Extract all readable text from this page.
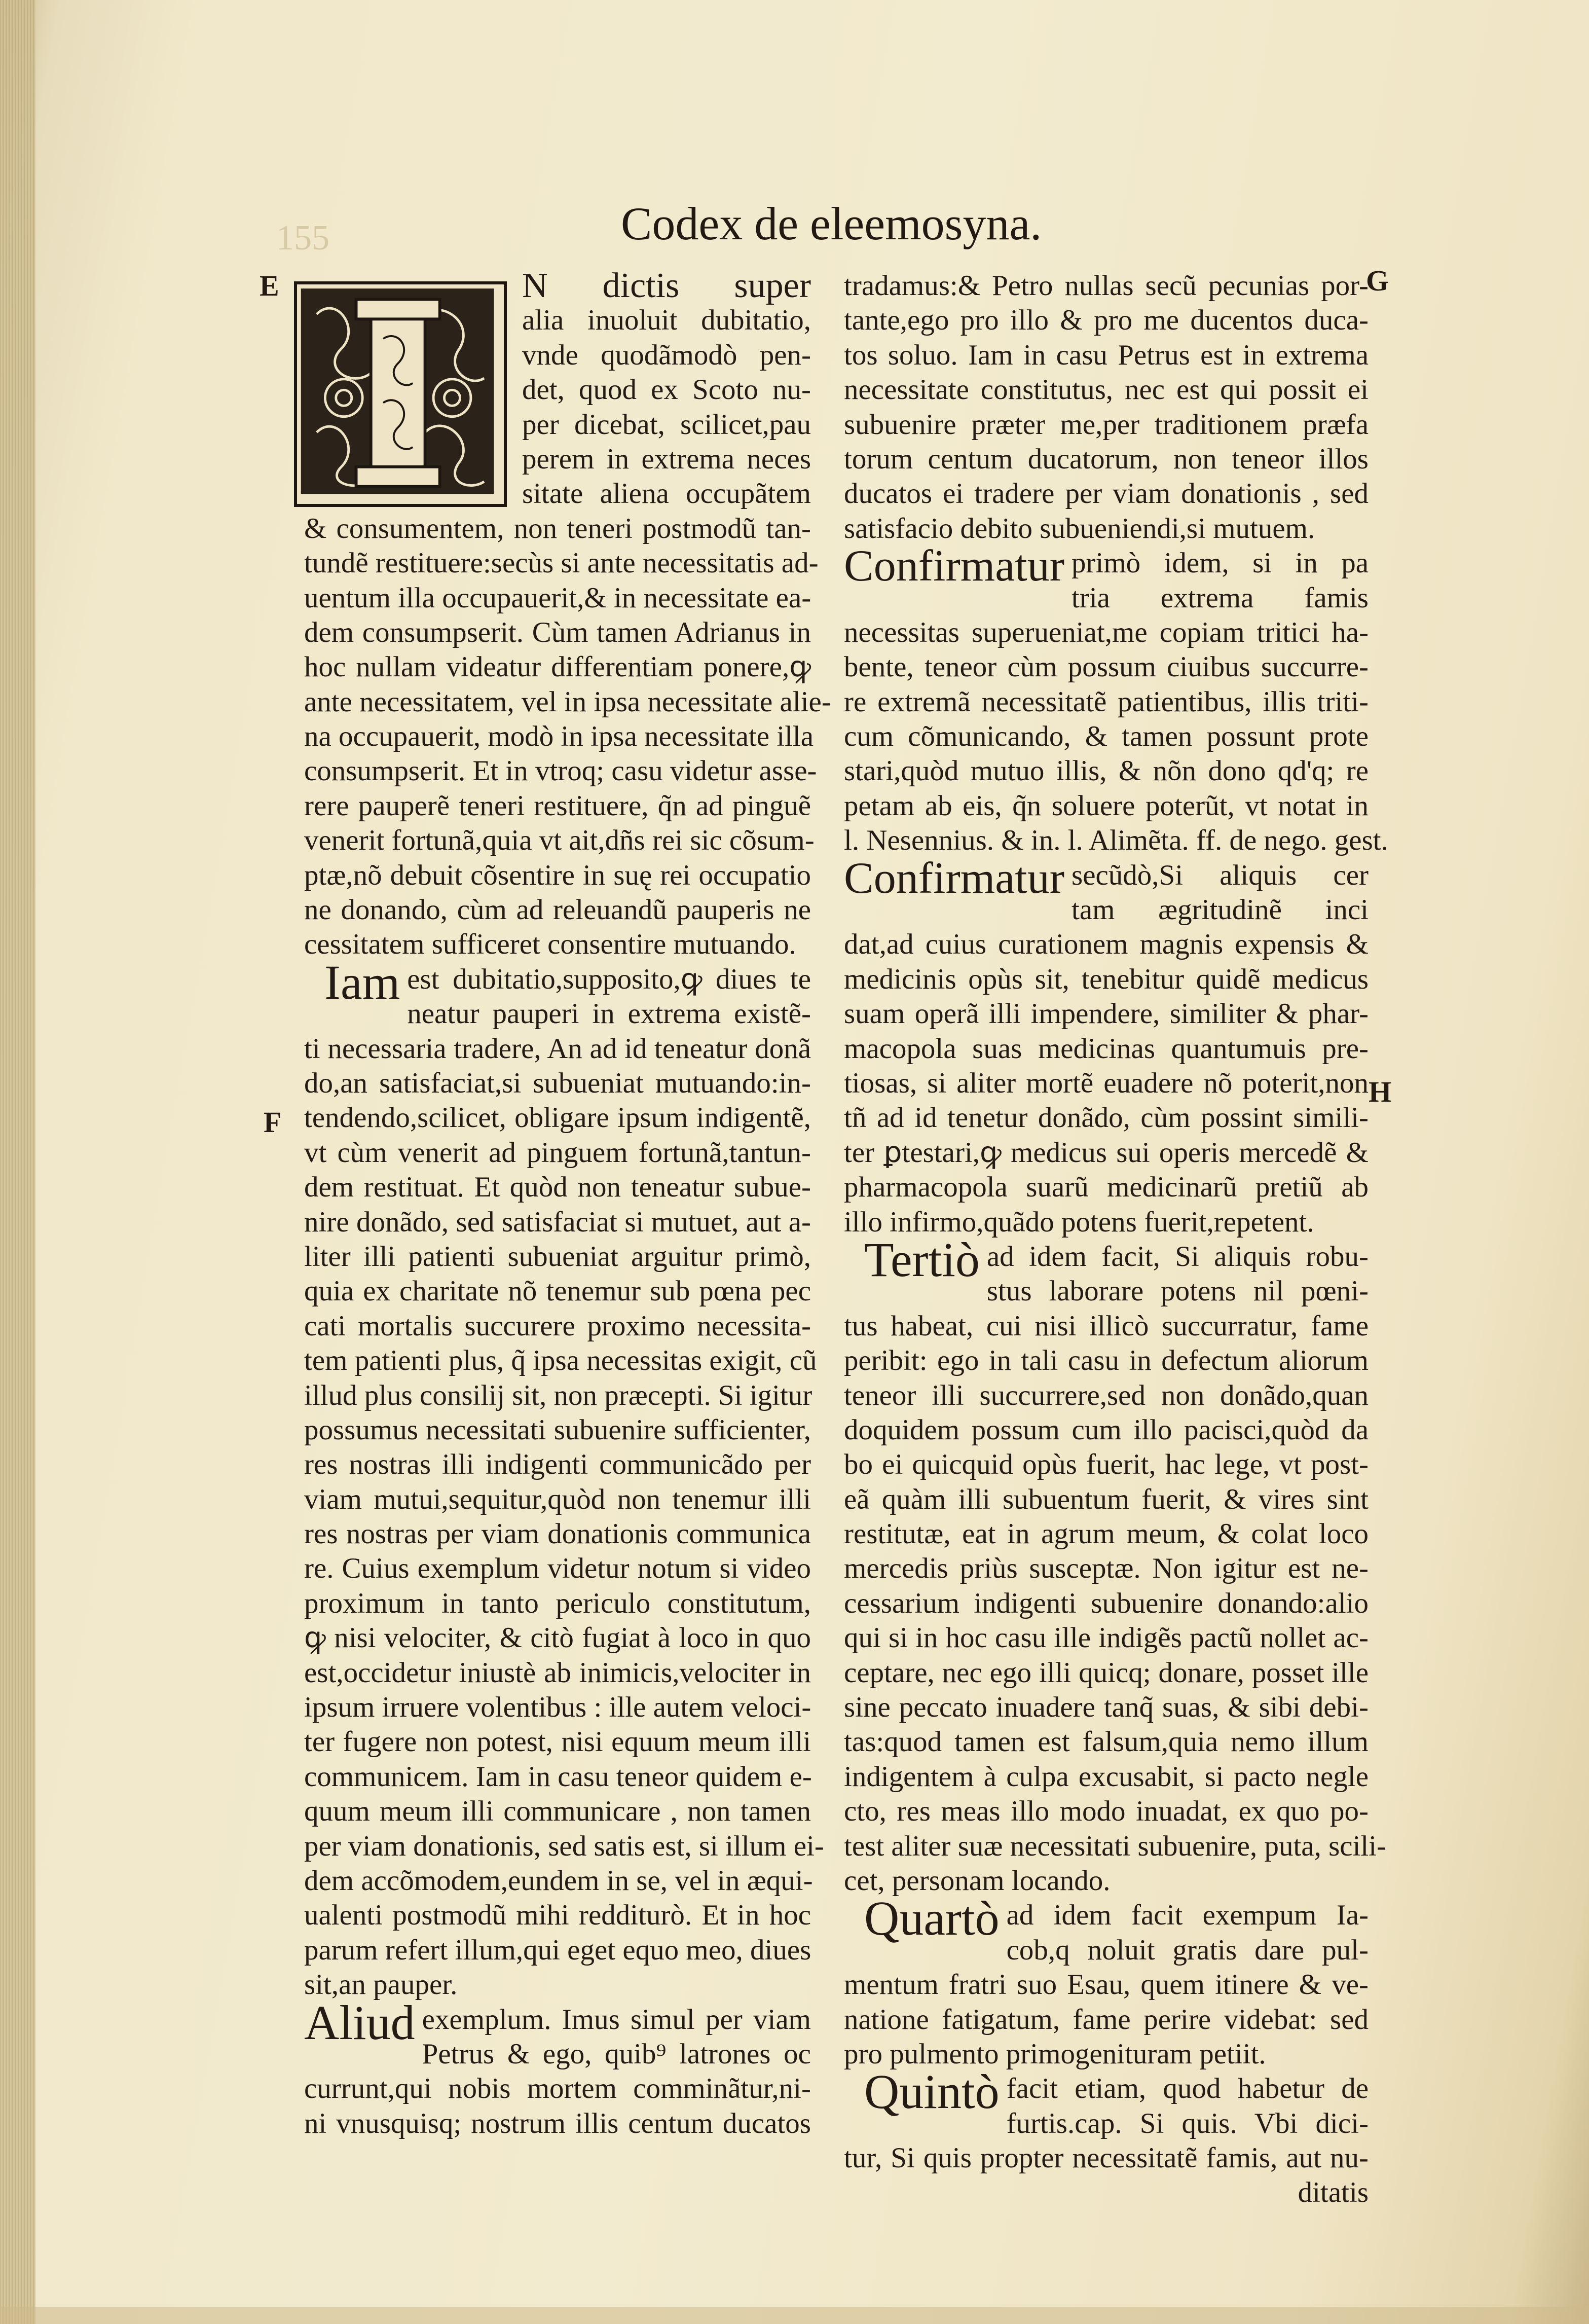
155	Codex de eleemosyna.
E
F
G
H
N dictis super
alia inuoluit dubitatio,
vnde quodãmodò pen-
det, quod ex Scoto nu-
per dicebat, scilicet,pau
perem in extrema neces
sitate aliena occupãtem
& consumentem, non teneri postmodũ tan-
tundẽ restituere:secùs si ante necessitatis ad-
uentum illa occupauerit,& in necessitate ea-
dem consumpserit. Cùm tamen Adrianus in
hoc nullam videatur differentiam ponere,ꝙ
ante necessitatem, vel in ipsa necessitate alie-
na occupauerit, modò in ipsa necessitate illa
consumpserit. Et in vtroq; casu videtur asse-
rere pauperẽ teneri restituere, q̃n ad pinguẽ
venerit fortunã,quia vt ait,dñs rei sic cõsum-
ptæ,nõ debuit cõsentire in suę rei occupatio
ne donando, cùm ad releuandũ pauperis ne
cessitatem sufficeret consentire mutuando.
Iam est dubitatio,supposito,ꝙ diues te
neatur pauperi in extrema existẽ-
ti necessaria tradere, An ad id teneatur donã
do,an satisfaciat,si subueniat mutuando:in-
tendendo,scilicet, obligare ipsum indigentẽ,
vt cùm venerit ad pinguem fortunã,tantun-
dem restituat. Et quòd non teneatur subue-
nire donãdo, sed satisfaciat si mutuet, aut a-
liter illi patienti subueniat arguitur primò,
quia ex charitate nõ tenemur sub pœna pec
cati mortalis succurere proximo necessita-
tem patienti plus, q̃ ipsa necessitas exigit, cũ
illud plus consilij sit, non præcepti. Si igitur
possumus necessitati subuenire sufficienter,
res nostras illi indigenti communicãdo per
viam mutui,sequitur,quòd non tenemur illi
res nostras per viam donationis communica
re. Cuius exemplum videtur notum si video
proximum in tanto periculo constitutum,
ꝙ nisi velociter, & citò fugiat à loco in quo
est,occidetur iniustè ab inimicis,velociter in
ipsum irruere volentibus : ille autem veloci-
ter fugere non potest, nisi equum meum illi
communicem. Iam in casu teneor quidem e-
quum meum illi communicare , non tamen
per viam donationis, sed satis est, si illum ei-
dem accõmodem,eundem in se, vel in æqui-
ualenti postmodũ mihi redditurò. Et in hoc
parum refert illum,qui eget equo meo, diues
sit,an pauper.
Aliud exemplum. Imus simul per viam
Petrus & ego, quib⁹ latrones oc
currunt,qui nobis mortem comminãtur,ni-
ni vnusquisq; nostrum illis centum ducatos
tradamus:& Petro nullas secũ pecunias por-
tante,ego pro illo & pro me ducentos duca-
tos soluo. Iam in casu Petrus est in extrema
necessitate constitutus, nec est qui possit ei
subuenire præter me,per traditionem præfa
torum centum ducatorum, non teneor illos
ducatos ei tradere per viam donationis , sed
satisfacio debito subueniendi,si mutuem.
Confirmatur primò idem, si in pa
tria extrema famis
necessitas superueniat,me copiam tritici ha-
bente, teneor cùm possum ciuibus succurre-
re extremã necessitatẽ patientibus, illis triti-
cum cõmunicando, & tamen possunt prote
stari,quòd mutuo illis, & nõn dono qd'q; re
petam ab eis, q̃n soluere poterũt, vt notat in
l. Nesennius. & in. l. Alimẽta. ff. de nego. gest.
Confirmatur secũdò,Si aliquis cer
tam ægritudinẽ inci
dat,ad cuius curationem magnis expensis &
medicinis opùs sit, tenebitur quidẽ medicus
suam operã illi impendere, similiter & phar-
macopola suas medicinas quantumuis pre-
tiosas, si aliter mortẽ euadere nõ poterit,non
tñ ad id tenetur donãdo, cùm possint simili-
ter ꝑtestari,ꝙ medicus sui operis mercedẽ &
pharmacopola suarũ medicinarũ pretiũ ab
illo infirmo,quãdo potens fuerit,repetent.
Tertiò ad idem facit, Si aliquis robu-
stus laborare potens nil pœni-
tus habeat, cui nisi illicò succurratur, fame
peribit: ego in tali casu in defectum aliorum
teneor illi succurrere,sed non donãdo,quan
doquidem possum cum illo pacisci,quòd da
bo ei quicquid opùs fuerit, hac lege, vt post-
eã quàm illi subuentum fuerit, & vires sint
restitutæ, eat in agrum meum, & colat loco
mercedis priùs susceptæ. Non igitur est ne-
cessarium indigenti subuenire donando:alio
qui si in hoc casu ille indigẽs pactũ nollet ac-
ceptare, nec ego illi quicq; donare, posset ille
sine peccato inuadere tanq̃ suas, & sibi debi-
tas:quod tamen est falsum,quia nemo illum
indigentem à culpa excusabit, si pacto negle
cto, res meas illo modo inuadat, ex quo po-
test aliter suæ necessitati subuenire, puta, scili-
cet, personam locando.
Quartò ad idem facit exempum Ia-
cob,q noluit gratis dare pul-
mentum fratri suo Esau, quem itinere & ve-
natione fatigatum, fame perire videbat: sed
pro pulmento primogenituram petiit.
Quintò facit etiam, quod habetur de
furtis.cap. Si quis. Vbi dici-
tur, Si quis propter necessitatẽ famis, aut nu-
ditatis
